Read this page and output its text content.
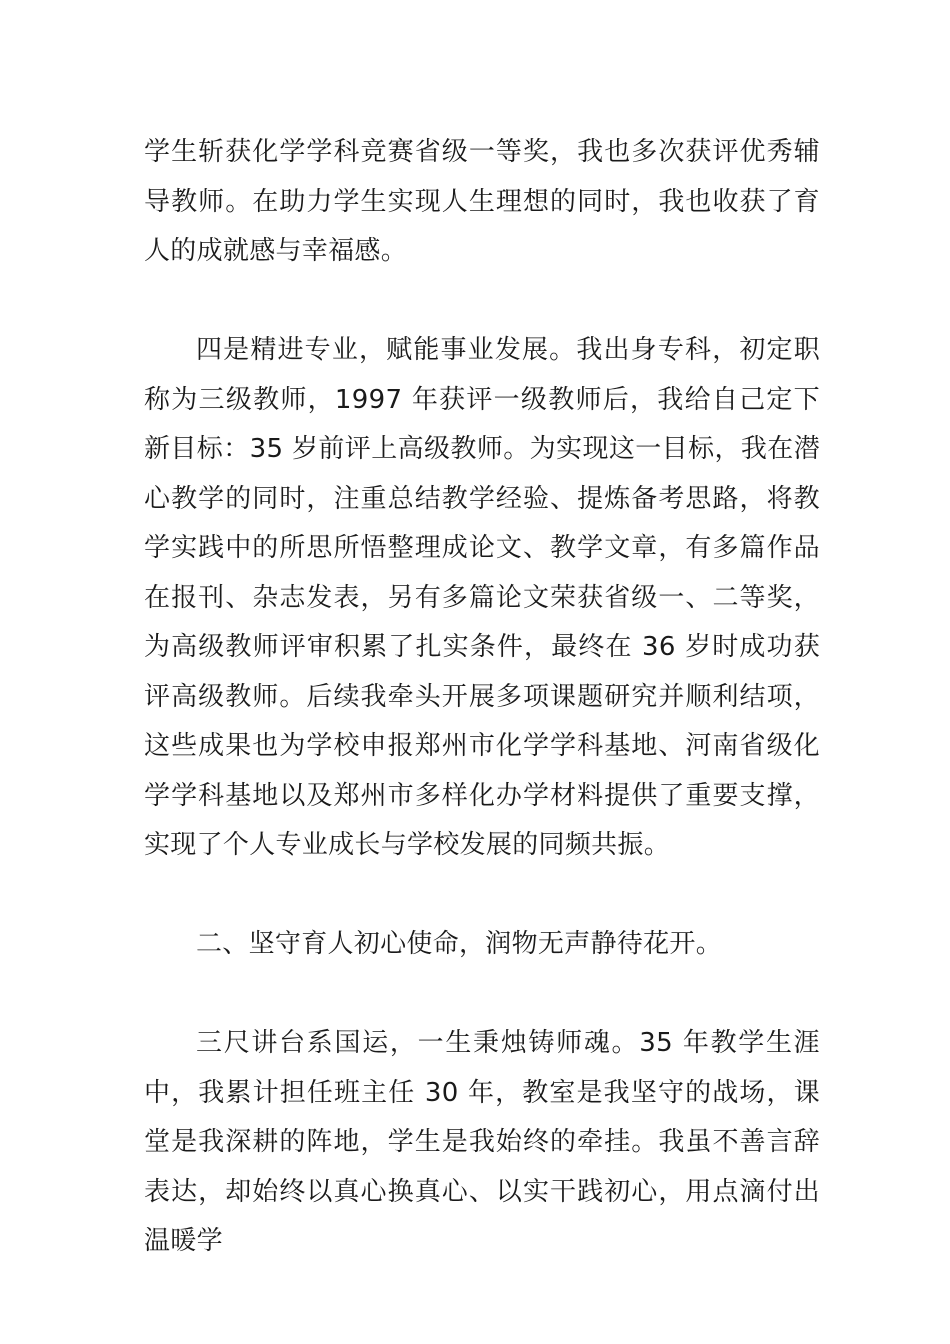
学生斩获化学学科竞赛省级一等奖，我也多次获评优秀辅导教师。在助力学生实现人生理想的同时，我也收获了育人的成就感与幸福感。

四是精进专业，赋能事业发展。我出身专科，初定职称为三级教师，1997 年获评一级教师后，我给自己定下新目标：35 岁前评上高级教师。为实现这一目标，我在潜心教学的同时，注重总结教学经验、提炼备考思路，将教学实践中的所思所悟整理成论文、教学文章，有多篇作品在报刊、杂志发表，另有多篇论文荣获省级一、二等奖，为高级教师评审积累了扎实条件，最终在 36 岁时成功获评高级教师。后续我牵头开展多项课题研究并顺利结项，这些成果也为学校申报郑州市化学学科基地、河南省级化学学科基地以及郑州市多样化办学材料提供了重要支撑，实现了个人专业成长与学校发展的同频共振。

二、坚守育人初心使命，润物无声静待花开。

三尺讲台系国运，一生秉烛铸师魂。35 年教学生涯中，我累计担任班主任 30 年，教室是我坚守的战场，课堂是我深耕的阵地，学生是我始终的牵挂。我虽不善言辞表达，却始终以真心换真心、以实干践初心，用点滴付出温暖学
